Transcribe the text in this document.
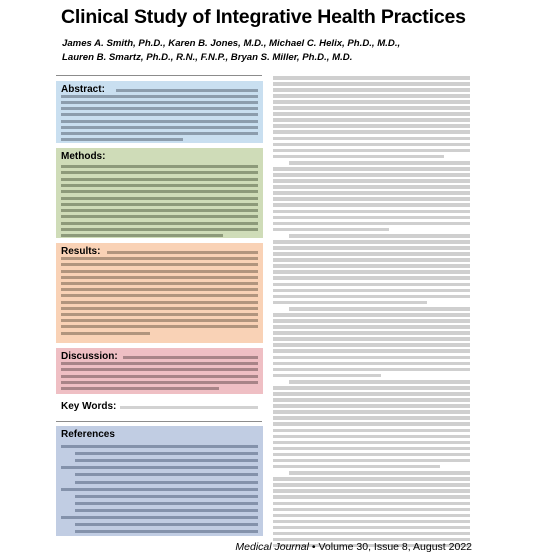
Clinical Study of Integrative Health Practices
James A. Smith, Ph.D., Karen B. Jones, M.D., Michael C. Helix, Ph.D., M.D.,
Lauren B. Smartz, Ph.D., R.N., F.N.P., Bryan S. Miller, Ph.D., M.D.
Abstract:
Methods:
Results:
Discussion:
Key Words:
References
Medical Journal • Volume 30, Issue 8, August 2022
